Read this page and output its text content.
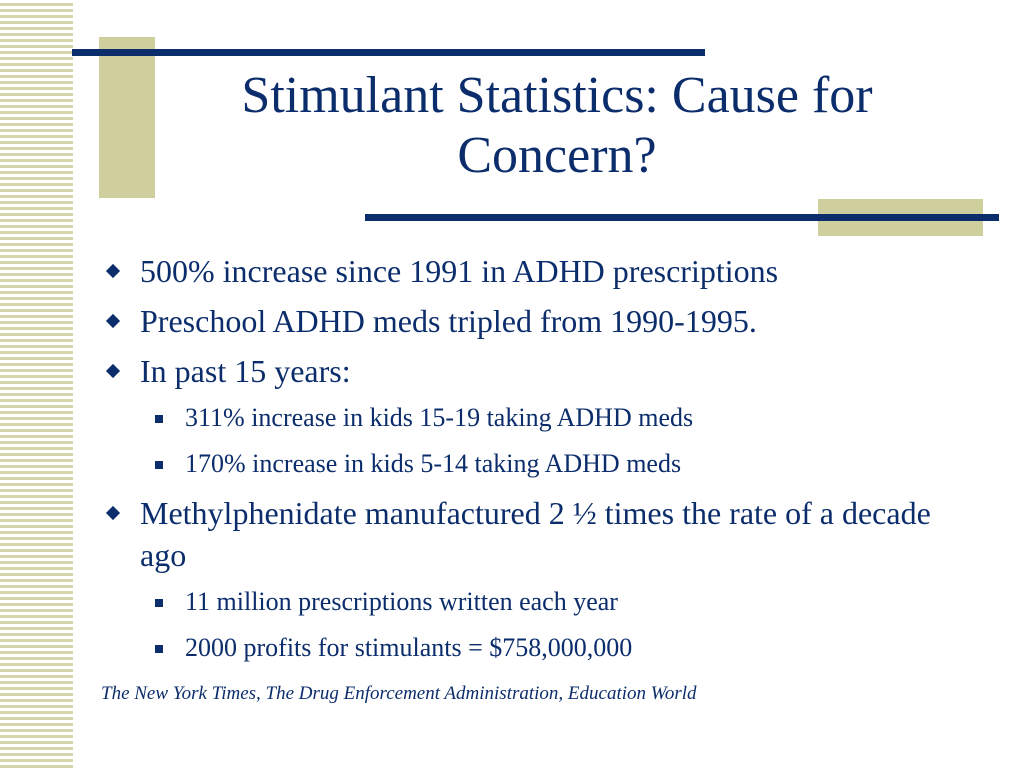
Stimulant Statistics: Cause for Concern?
500% increase since 1991 in ADHD prescriptions
Preschool ADHD meds tripled from 1990-1995.
In past 15 years:
311% increase in kids 15-19 taking ADHD meds
170% increase in kids 5-14 taking ADHD meds
Methylphenidate manufactured 2 ½ times the rate of a decade ago
11 million prescriptions written each year
2000 profits for stimulants = $758,000,000
The New York Times, The Drug Enforcement Administration, Education World
